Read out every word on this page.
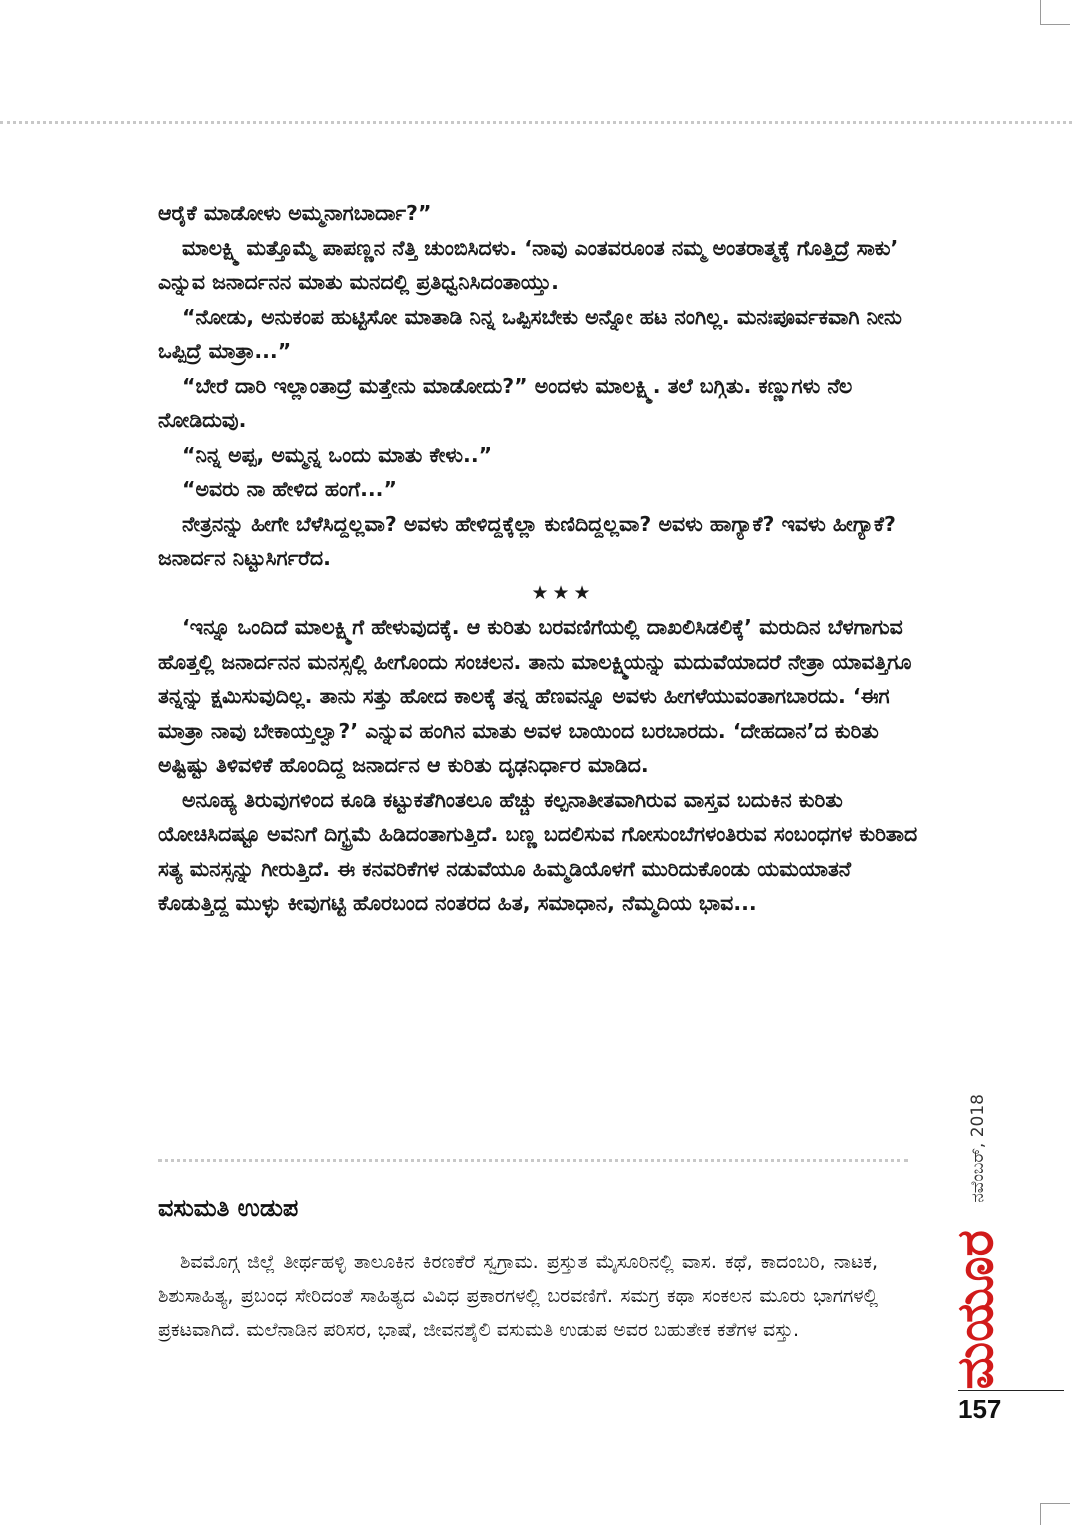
ಆರೈಕೆ ಮಾಡೋಳು ಅಮ್ಮನಾಗಬಾರ್ದಾ?”

ಮಾಲಕ್ಷ್ಮಿ ಮತ್ತೊಮ್ಮೆ ಪಾಪಣ್ಣನ ನೆತ್ತಿ ಚುಂಬಿಸಿದಳು. ‘ನಾವು ಎಂತವರೂಂತ ನಮ್ಮ ಅಂತರಾತ್ಮಕ್ಕೆ ಗೊತ್ತಿದ್ರೆ ಸಾಕು’ ಎನ್ನುವ ಜನಾರ್ದನನ ಮಾತು ಮನದಲ್ಲಿ ಪ್ರತಿಧ್ವನಿಸಿದಂತಾಯ್ತು.

“ನೋಡು, ಅನುಕಂಪ ಹುಟ್ಟಿಸೋ ಮಾತಾಡಿ ನಿನ್ನ ಒಪ್ಪಿಸಬೇಕು ಅನ್ನೋ ಹಟ ನಂಗಿಲ್ಲ. ಮನಃಪೂರ್ವಕವಾಗಿ ನೀನು ಒಪ್ಪಿದ್ರೆ ಮಾತ್ರಾ...”

“ಬೇರೆ ದಾರಿ ಇಲ್ಲಾಂತಾದ್ರೆ ಮತ್ತೇನು ಮಾಡೋದು?” ಅಂದಳು ಮಾಲಕ್ಷ್ಮಿ. ತಲೆ ಬಗ್ಗಿತು. ಕಣ್ಣುಗಳು ನೆಲ ನೋಡಿದುವು.

“ನಿನ್ನ ಅಪ್ಪ, ಅಮ್ಮನ್ನ ಒಂದು ಮಾತು ಕೇಳು..”

“ಅವರು ನಾ ಹೇಳಿದ ಹಂಗೆ...”

ನೇತ್ರನನ್ನು ಹೀಗೇ ಬೆಳೆಸಿದ್ದಲ್ಲವಾ? ಅವಳು ಹೇಳಿದ್ದಕ್ಕೆಲ್ಲಾ ಕುಣಿದಿದ್ದಲ್ಲವಾ? ಅವಳು ಹಾಗ್ಯಾಕೆ? ಇವಳು ಹೀಗ್ಯಾಕೆ? ಜನಾರ್ದನ ನಿಟ್ಟುಸಿರ್ಗರೆದ.

★★★

‘ಇನ್ನೂ ಒಂದಿದೆ ಮಾಲಕ್ಷ್ಮಿಗೆ ಹೇಳುವುದಕ್ಕೆ. ಆ ಕುರಿತು ಬರವಣಿಗೆಯಲ್ಲಿ ದಾಖಲಿಸಿಡಲಿಕ್ಕೆ’ ಮರುದಿನ ಬೆಳಗಾಗುವ ಹೊತ್ತಲ್ಲಿ ಜನಾರ್ದನನ ಮನಸ್ಸಲ್ಲಿ ಹೀಗೊಂದು ಸಂಚಲನ. ತಾನು ಮಾಲಕ್ಷ್ಮಿಯನ್ನು ಮದುವೆಯಾದರೆ ನೇತ್ರಾ ಯಾವತ್ತಿಗೂ ತನ್ನನ್ನು ಕ್ಷಮಿಸುವುದಿಲ್ಲ. ತಾನು ಸತ್ತು ಹೋದ ಕಾಲಕ್ಕೆ ತನ್ನ ಹೆಣವನ್ನೂ ಅವಳು ಹೀಗಳೆಯುವಂತಾಗಬಾರದು. ‘ಈಗ ಮಾತ್ರಾ ನಾವು ಬೇಕಾಯ್ತಲ್ವಾ?’ ಎನ್ನುವ ಹಂಗಿನ ಮಾತು ಅವಳ ಬಾಯಿಂದ ಬರಬಾರದು. ‘ದೇಹದಾನ’ದ ಕುರಿತು ಅಷ್ಟಿಷ್ಟು ತಿಳಿವಳಿಕೆ ಹೊಂದಿದ್ದ ಜನಾರ್ದನ ಆ ಕುರಿತು ದೃಢನಿರ್ಧಾರ ಮಾಡಿದ.

ಅನೂಹ್ಯ ತಿರುವುಗಳಿಂದ ಕೂಡಿ ಕಟ್ಟುಕತೆಗಿಂತಲೂ ಹೆಚ್ಚು ಕಲ್ಪನಾತೀತವಾಗಿರುವ ವಾಸ್ತವ ಬದುಕಿನ ಕುರಿತು ಯೋಚಿಸಿದಷ್ಟೂ ಅವನಿಗೆ ದಿಗ್ಭ್ರಮೆ ಹಿಡಿದಂತಾಗುತ್ತಿದೆ. ಬಣ್ಣ ಬದಲಿಸುವ ಗೋಸುಂಬೆಗಳಂತಿರುವ ಸಂಬಂಧಗಳ ಕುರಿತಾದ ಸತ್ಯ ಮನಸ್ಸನ್ನು ಗೀರುತ್ತಿದೆ. ಈ ಕನವರಿಕೆಗಳ ನಡುವೆಯೂ ಹಿಮ್ಮಡಿಯೊಳಗೆ ಮುರಿದುಕೊಂಡು ಯಮಯಾತನೆ ಕೊಡುತ್ತಿದ್ದ ಮುಳ್ಳು ಕೀವುಗಟ್ಟಿ ಹೊರಬಂದ ನಂತರದ ಹಿತ, ಸಮಾಧಾನ, ನೆಮ್ಮದಿಯ ಭಾವ...

ವಸುಮತಿ ಉಡುಪ
ಶಿವಮೊಗ್ಗ ಜಿಲ್ಲೆ ತೀರ್ಥಹಳ್ಳಿ ತಾಲೂಕಿನ ಕಿರಣಕೆರೆ ಸ್ವಗ್ರಾಮ. ಪ್ರಸ್ತುತ ಮೈಸೂರಿನಲ್ಲಿ ವಾಸ. ಕಥೆ, ಕಾದಂಬರಿ, ನಾಟಕ, ಶಿಶುಸಾಹಿತ್ಯ, ಪ್ರಬಂಧ ಸೇರಿದಂತೆ ಸಾಹಿತ್ಯದ ವಿವಿಧ ಪ್ರಕಾರಗಳಲ್ಲಿ ಬರವಣಿಗೆ. ಸಮಗ್ರ ಕಥಾ ಸಂಕಲನ ಮೂರು ಭಾಗಗಳಲ್ಲಿ ಪ್ರಕಟವಾಗಿದೆ. ಮಲೆನಾಡಿನ ಪರಿಸರ, ಭಾಷೆ, ಜೀವನಶೈಲಿ ವಸುಮತಿ ಉಡುಪ ಅವರ ಬಹುತೇಕ ಕತೆಗಳ ವಸ್ತು.
ನವೆಂಬರ್, 2018
ಮಯೂರ
157
